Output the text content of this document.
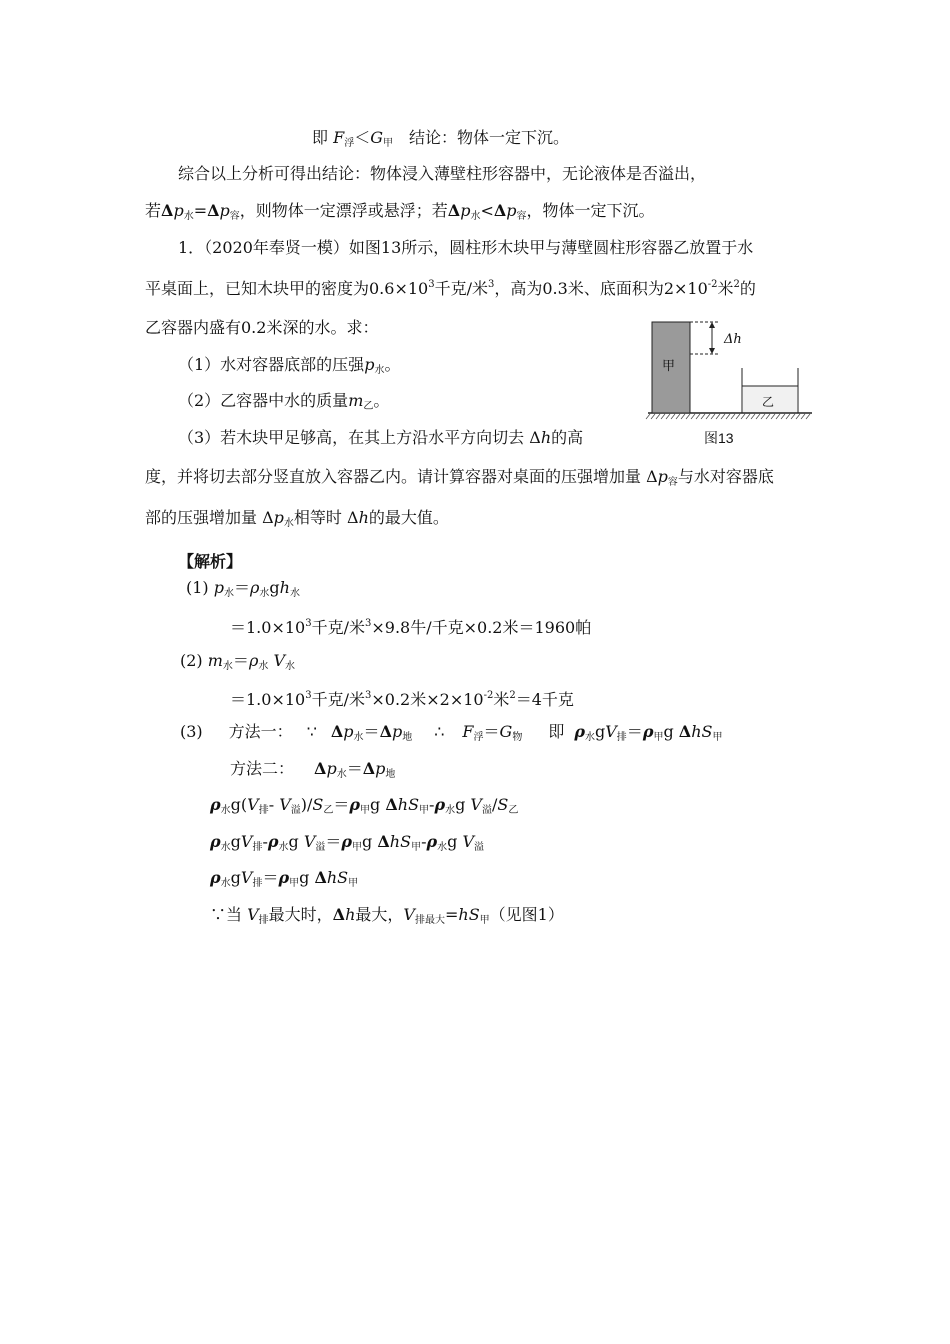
即 $F_浮<G_甲$　结论：物体一定下沉。
综合以上分析可得出结论：物体浸入薄壁柱形容器中，无论液体是否溢出，
若$\Delta p_水=\Delta p_容$，则物体一定漂浮或悬浮；若$\Delta p_水<\Delta p_容$，物体一定下沉。
1．（2020年奉贤一模）如图13所示，圆柱形木块甲与薄壁圆柱形容器乙放置于水
平桌面上，已知木块甲的密度为$0.6\times 10^3$千克/米$^3$，高为0.3米、底面积为$2\times 10^{-2}$米$^2$的
乙容器内盛有0.2米深的水。求：
（1）水对容器底部的压强$p_水$。
（2）乙容器中水的质量$m_乙$。
（3）若木块甲足够高，在其上方沿水平方向切去 Δh的高
度，并将切去部分竖直放入容器乙内。请计算容器对桌面的压强增加量 $\Delta p_容$与水对容器底
部的压强增加量 $\Delta p_水$相等时 Δh的最大值。
甲
Δh
乙
图13
【解析】
(1) $p_水=\rho_水gh_水$
$=1.0\times 10^3$千克/米$^3$×9.8牛/千克×0.2米＝1960帕
(2) $m_水=\rho_水$ $V_水$
$=1.0\times 10^3$千克/米$^3$×0.2米$\times 2\times 10^{-2}$米$^2$＝4千克
(3) 方法一： ∵ $\Delta p_水=\Delta p_地$ ∴ $F_浮=G_物$ 即 $\rho_水gV_排=\rho_甲g$ ΔhS$_甲$
方法二： $\Delta p_水=\Delta p_地$
$\rho_水g(V_排-$ $V_溢)/S_乙=\rho_甲g$ $\Delta hS_甲-\rho_水g$ $V_溢/S_乙$
$\rho_水gV_排-\rho_水g$ $V_溢=\rho_甲g$ $\Delta hS_甲-\rho_水g$ $V_溢$
$\rho_水gV_排=\rho_甲g$ ΔhS$_甲$
∵当 $V_排$最大时，Δh最大，$V_{排最大}=hS_甲$（见图1）
